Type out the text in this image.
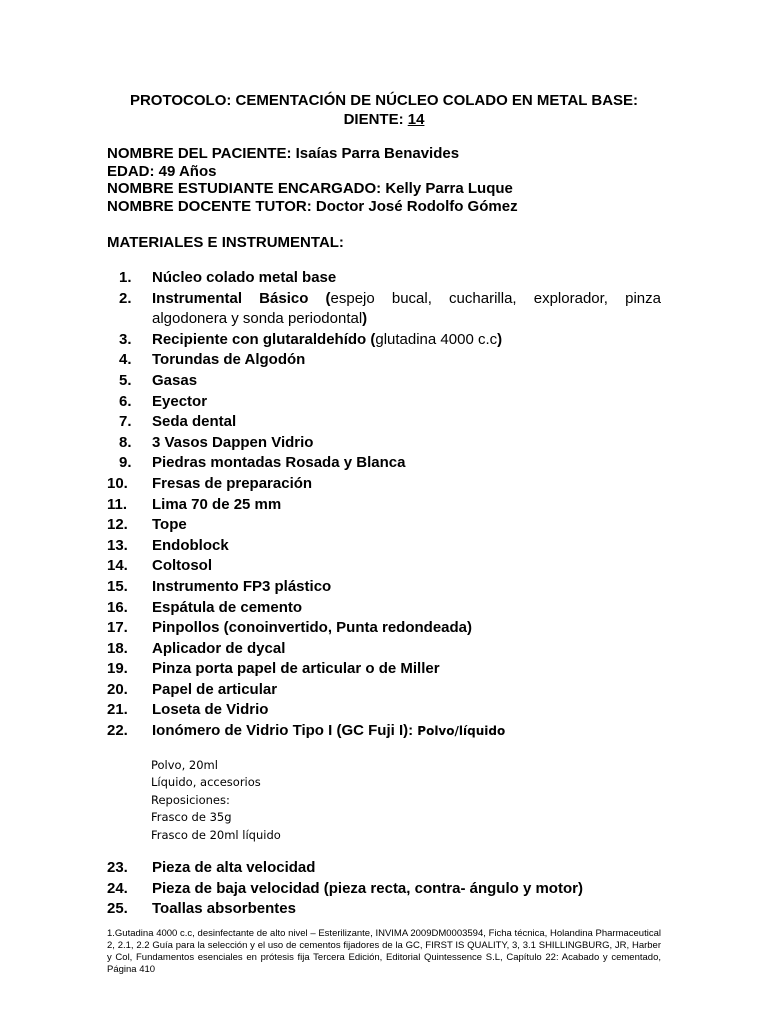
PROTOCOLO: CEMENTACIÓN DE NÚCLEO COLADO EN METAL BASE:
DIENTE: 14
NOMBRE DEL PACIENTE: Isaías Parra Benavides
EDAD: 49 Años
NOMBRE ESTUDIANTE ENCARGADO: Kelly Parra Luque
NOMBRE DOCENTE TUTOR: Doctor José Rodolfo Gómez
MATERIALES E INSTRUMENTAL:
1. Núcleo colado metal base
2. Instrumental Básico (espejo bucal, cucharilla, explorador, pinza algodonera y sonda periodontal)
3. Recipiente con glutaraldehído (glutadina 4000 c.c)
4. Torundas de Algodón
5. Gasas
6. Eyector
7. Seda dental
8. 3 Vasos Dappen Vidrio
9. Piedras montadas Rosada y Blanca
10. Fresas de preparación
11. Lima 70 de 25 mm
12. Tope
13. Endoblock
14. Coltosol
15. Instrumento FP3 plástico
16. Espátula de cemento
17. Pinpollos (conoinvertido, Punta redondeada)
18. Aplicador de dycal
19. Pinza porta papel de articular o de Miller
20. Papel de articular
21. Loseta de Vidrio
22. Ionómero de Vidrio Tipo I (GC Fuji I): Polvo/líquido
Polvo, 20ml
Líquido, accesorios
Reposiciones:
Frasco de 35g
Frasco de 20ml líquido
23. Pieza de alta velocidad
24. Pieza de baja velocidad (pieza recta, contra- ángulo y motor)
25. Toallas absorbentes
1.Gutadina 4000 c.c, desinfectante de alto nivel – Esterilizante, INVIMA 2009DM0003594, Ficha técnica, Holandina Pharmaceutical 2, 2.1, 2.2 Guía para la selección y el uso de cementos fijadores de la GC, FIRST IS QUALITY, 3, 3.1 SHILLINGBURG, JR, Harber y Col, Fundamentos esenciales en prótesis fija Tercera Edición, Editorial Quintessence S.L, Capítulo 22: Acabado y cementado, Página 410
